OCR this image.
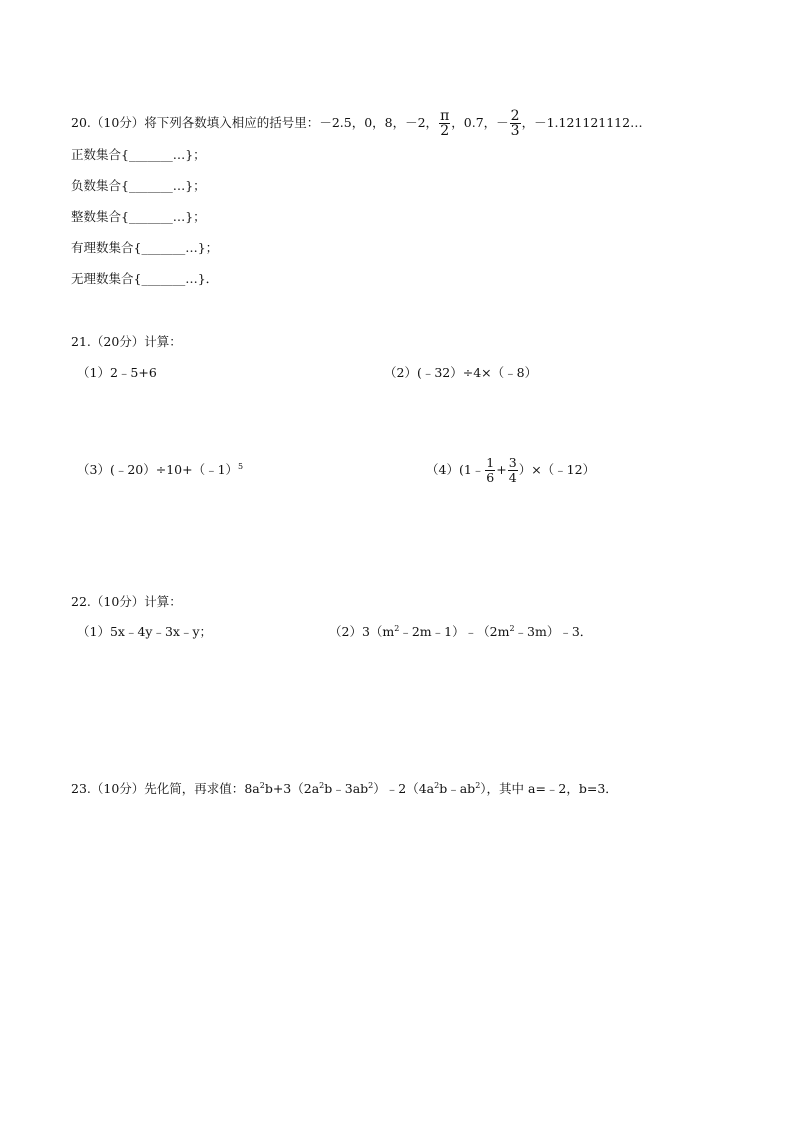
20.（10分）将下列各数填入相应的括号里：－2.5，0，8，－2， $\frac{\pi}{2}$ ，0.7，－ $\frac{2}{3}$ ，－1.121121112…
正数集合{_______…}；
负数集合{_______…}；
整数集合{_______…}；
有理数集合{_______…}；
无理数集合{_______…}．
21.（20分）计算：
（1）2﹣5+6	（2）(﹣32）÷4×（﹣8）
（3）(﹣20）÷10+（﹣1）$^5$	（4）(1﹣ $\frac{1}{6} + \frac{3}{4}$ ）×（﹣12）
22.（10分）计算：
（1）5x﹣4y﹣3x﹣y；	$(2)3(m^2﹣2m﹣1)﹣(2m^2﹣3m)﹣3$．
23.（10分）先化简，再求值：$8a^2b+3(2a^2b﹣3ab^2)﹣2(4a^2b﹣ab^2)$，其中 a=﹣2，b=3．
